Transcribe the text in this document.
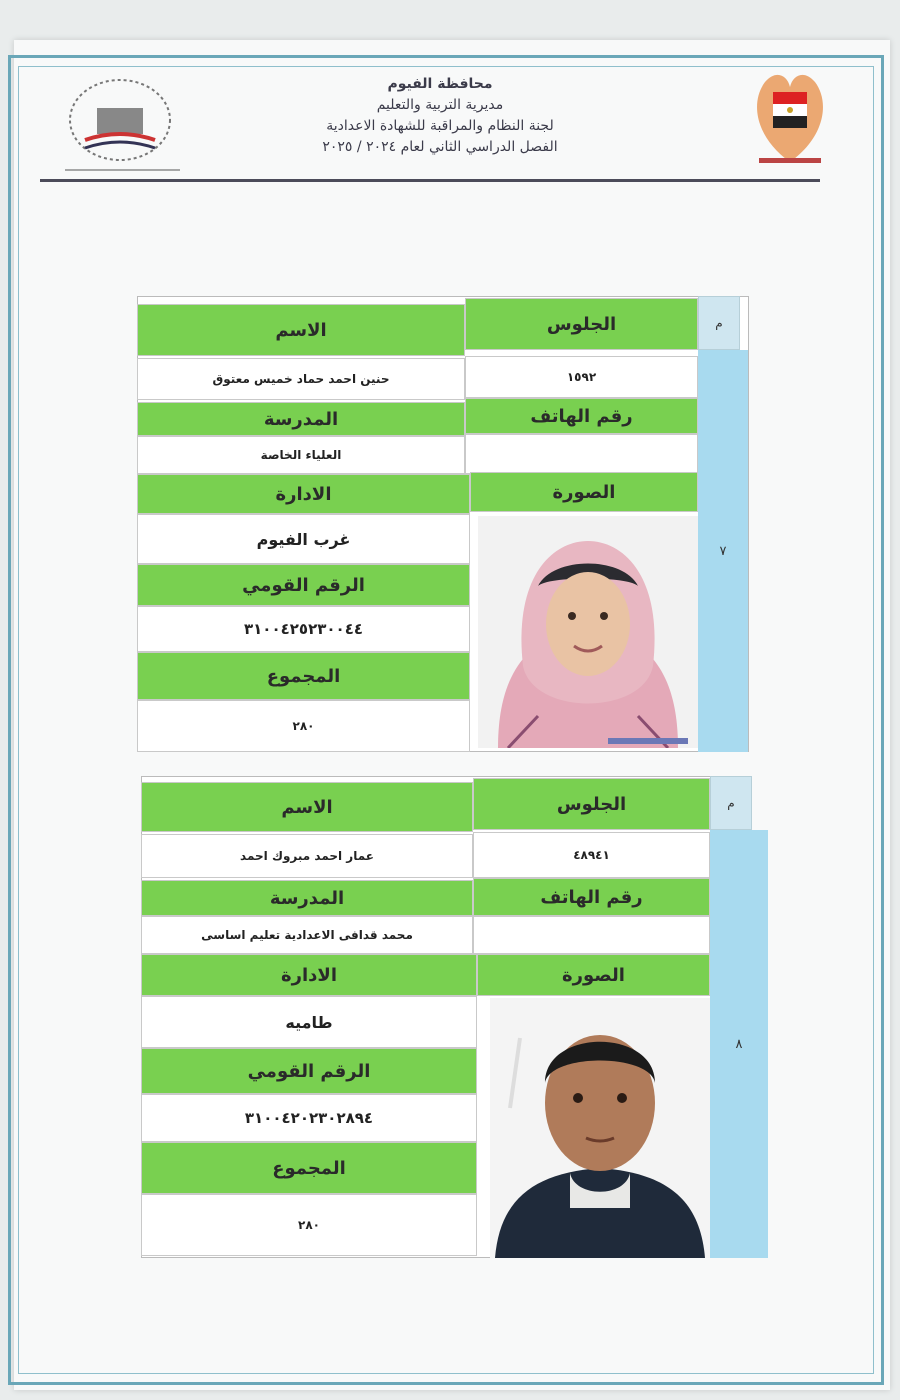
محافظة الفيوم
مديرية التربية والتعليم
لجنة النظام والمراقبة للشهادة الاعدادية
الفصل الدراسي الثاني لعام ٢٠٢٤ / ٢٠٢٥
م
٧
الجلوس
الاسم
١٥٩٢
حنين احمد حماد خميس معتوق
رقم الهاتف
المدرسة
العلياء الخاصة
الصورة
الادارة
غرب الفيوم
الرقم القومي
٣١٠٠٤٢٥٢٣٠٠٤٤
المجموع
٢٨٠
م
٨
الجلوس
الاسم
٤٨٩٤١
عمار احمد مبروك احمد
رقم الهاتف
المدرسة
محمد قدافى الاعدادية تعليم اساسى
الصورة
الادارة
طاميه
الرقم القومي
٣١٠٠٤٢٠٢٣٠٢٨٩٤
المجموع
٢٨٠
